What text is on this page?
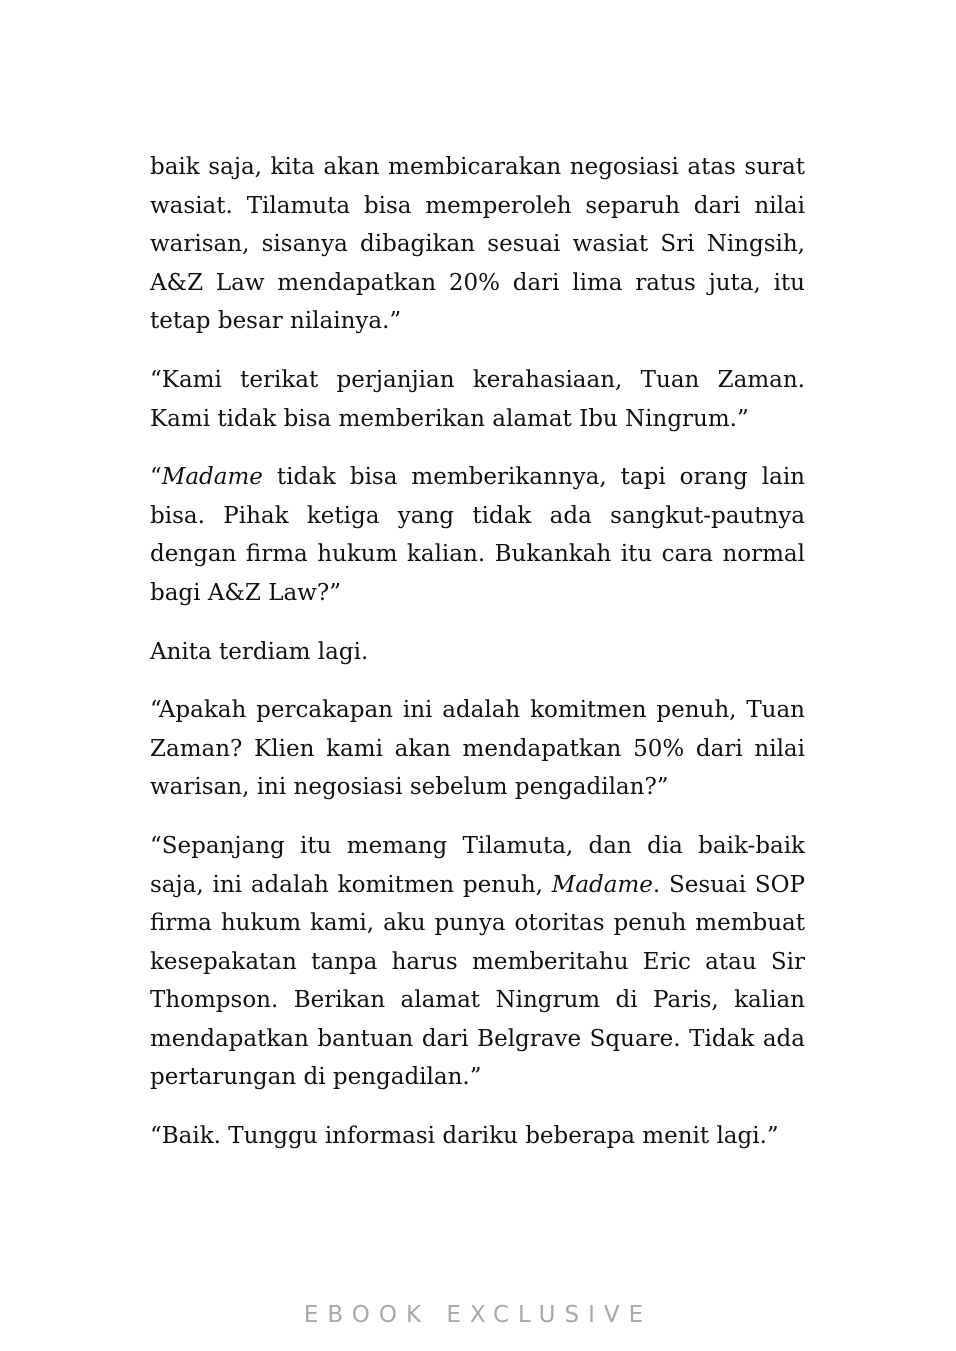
baik saja, kita akan membicarakan negosiasi atas surat wasiat. Tilamuta bisa memperoleh separuh dari nilai warisan, sisanya dibagikan sesuai wasiat Sri Ningsih, A&Z Law mendapatkan 20% dari lima ratus juta, itu tetap besar nilainya.”

“Kami terikat perjanjian kerahasiaan, Tuan Zaman. Kami tidak bisa memberikan alamat Ibu Ningrum.”

“Madame tidak bisa memberikannya, tapi orang lain bisa. Pihak ketiga yang tidak ada sangkut-pautnya dengan firma hukum kalian. Bukankah itu cara normal bagi A&Z Law?”

Anita terdiam lagi.

“Apakah percakapan ini adalah komitmen penuh, Tuan Zaman? Klien kami akan mendapatkan 50% dari nilai warisan, ini negosiasi sebelum pengadilan?”

“Sepanjang itu memang Tilamuta, dan dia baik-baik saja, ini adalah komitmen penuh, Madame. Sesuai SOP firma hukum kami, aku punya otoritas penuh membuat kesepakatan tanpa harus memberitahu Eric atau Sir Thompson. Berikan alamat Ningrum di Paris, kalian mendapatkan bantuan dari Belgrave Square. Tidak ada pertarungan di pengadilan.”

“Baik. Tunggu informasi dariku beberapa menit lagi.”

EBOOK EXCLUSIVE
